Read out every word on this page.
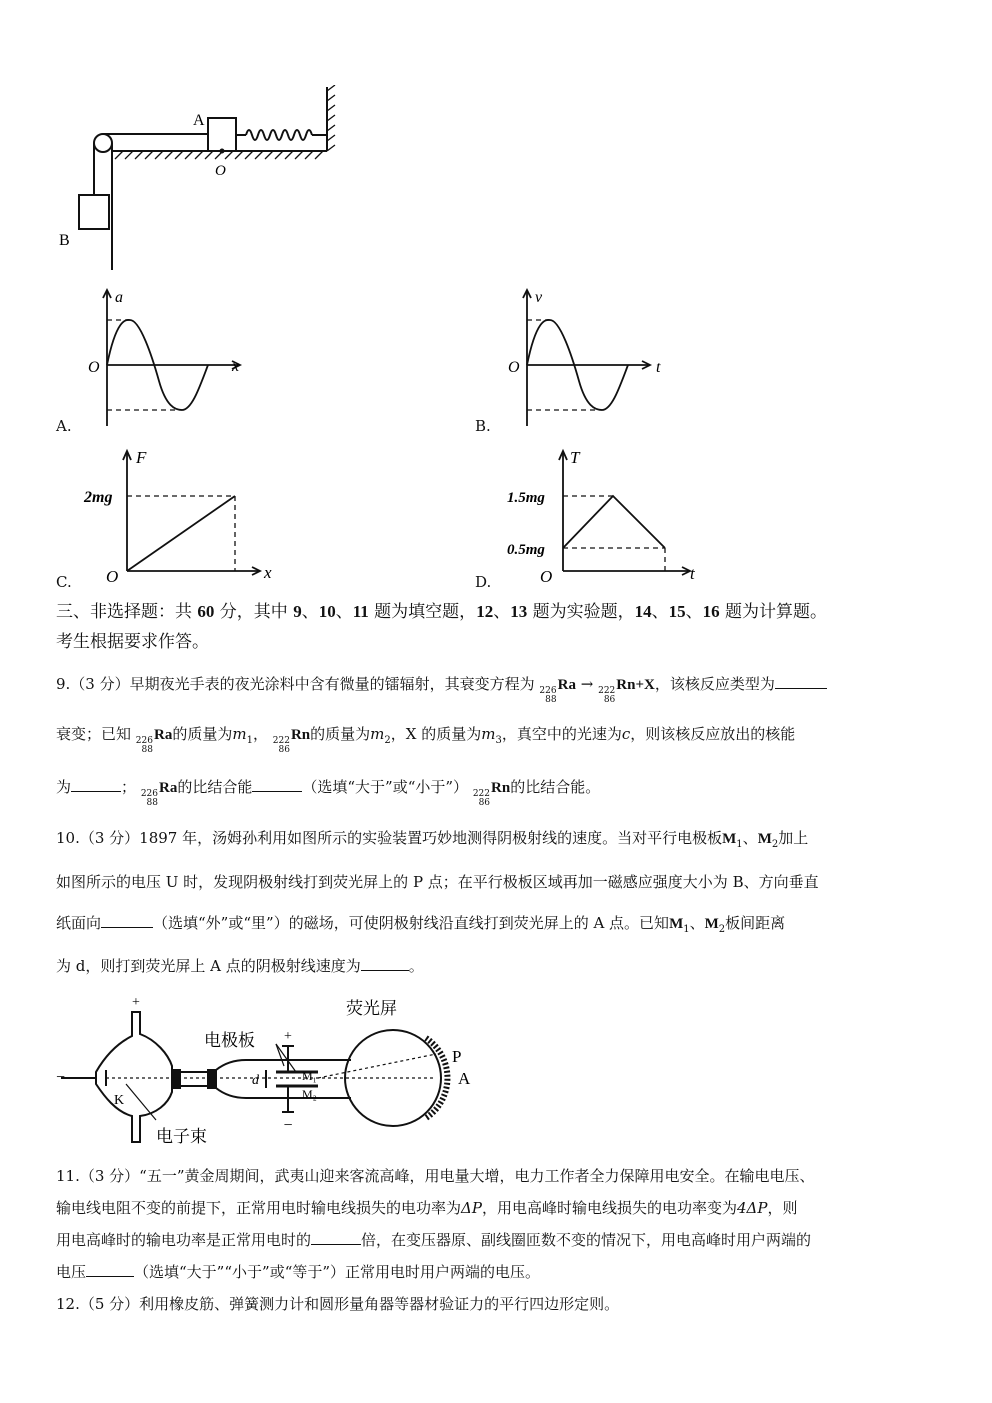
A
B
O
A.
a
x
O
B.
v
t
O
C.
F
x
O
2mg
D.
T
t
O
1.5mg
0.5mg
三、非选择题：共 60 分，其中 9、10、11 题为填空题，12、13 题为实验题，14、15、16 题为计算题。
考生根据要求作答。
9.（3 分）早期夜光手表的夜光涂料中含有微量的镭辐射，其衰变方程为 226
88
Ra → 222
86
Rn+X，该核反应类型为
衰变；已知 226
88
Ra的质量为$m_1$， 222
86
Rn的质量为$m_2$，X 的质量为$m_3$，真空中的光速为c，则该核反应放出的核能
为	； 226
88
Ra的比结合能	（选填“大于”或“小于”） 222
86
Rn的比结合能。
10.（3 分）1897 年，汤姆孙利用如图所示的实验装置巧妙地测得阴极射线的速度。当对平行电极板$M_1$、$M_2$加上
如图所示的电压 U 时，发现阴极射线打到荧光屏上的 P 点；在平行极板区域再加一磁感应强度大小为 B、方向垂直
纸面向	（选填“外”或“里”）的磁场，可使阴极射线沿直线打到荧光屏上的 A 点。已知$M_1$、$M_2$板间距离
为 d，则打到荧光屏上 A 点的阴极射线速度为	。
+
−
K
荧光屏
电极板
电子束
+
−
d	M₁
M₂
P
A
11.（3 分）“五一”黄金周期间，武夷山迎来客流高峰，用电量大增，电力工作者全力保障用电安全。在输电电压、
输电线电阻不变的前提下，正常用电时输电线损失的电功率为ΔP，用电高峰时输电线损失的电功率变为4ΔP，则
用电高峰时的输电功率是正常用电时的	倍，在变压器原、副线圈匝数不变的情况下，用电高峰时用户两端的
电压	（选填“大于”“小于”或“等于”）正常用电时用户两端的电压。
12.（5 分）利用橡皮筋、弹簧测力计和圆形量角器等器材验证力的平行四边形定则。
